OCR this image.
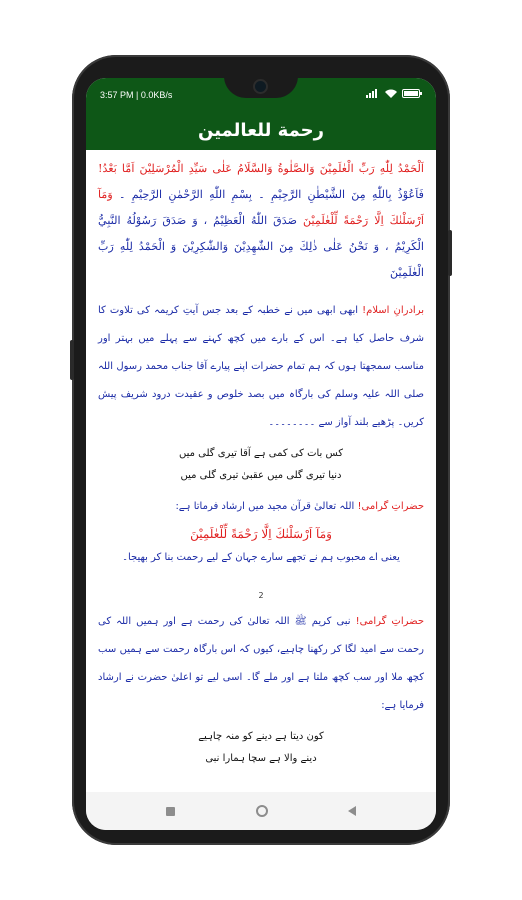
3:57 PM | 0.0KB/s
رحمة للعالمين

اَلْحَمْدُ لِلّٰهِ رَبِّ الْعٰلَمِيْنَ وَالصَّلٰوةُ وَالسَّلَامُ عَلٰى سَيِّدِ الْمُرْسَلِيْنَ اَمَّا بَعْدُ! فَاَعُوْذُ بِاللّٰهِ مِنَ الشَّيْطٰنِ الرَّجِيْمِ ۔ بِسْمِ اللّٰهِ الرَّحْمٰنِ الرَّحِيْمِ ۔ وَمَآ اَرْسَلْنٰكَ اِلَّا رَحْمَةً لِّلْعٰلَمِيْنَ صَدَقَ اللّٰهُ الْعَظِيْمُ ، وَ صَدَقَ رَسُوْلُهُ النَّبِيُّ الْكَرِيْمُ ، وَ نَحْنُ عَلٰى ذٰلِكَ مِنَ الشّٰهِدِيْنَ وَالشّٰكِرِيْنَ وَ الْحَمْدُ لِلّٰهِ رَبِّ الْعٰلَمِيْنَ

برادرانِ اسلام! ابھی ابھی میں نے خطبہ کے بعد جس آیتِ کریمہ کی تلاوت کا شرف حاصل کیا ہے۔ اس کے بارے میں کچھ کہنے سے پہلے میں بہتر اور مناسب سمجھتا ہوں کہ ہم تمام حضرات اپنے پیارے آقا جناب محمد رسول اللہ صلی اللہ علیہ وسلم کی بارگاہ میں بصد خلوص و عقیدت درود شریف پیش کریں۔ پڑھیے بلند آواز سے ۔۔۔۔۔۔۔۔

کس بات کی کمی ہے آقا تیری گلی میں
دنیا تیری گلی میں عقبیٰ تیری گلی میں

حضراتِ گرامی! اللہ تعالیٰ قرآن مجید میں ارشاد فرماتا ہے:

وَمَآ اَرْسَلْنٰكَ اِلَّا رَحْمَةً لِّلْعٰلَمِيْنَ
یعنی اے محبوب ہم نے تجھے سارے جہان کے لیے رحمت بنا کر بھیجا۔
2

حضراتِ گرامی! نبی کریم ﷺ اللہ تعالیٰ کی رحمت ہے اور ہمیں اللہ کی رحمت سے امید لگا کر رکھنا چاہیے، کیوں کہ اس بارگاہ رحمت سے ہمیں سب کچھ ملا اور سب کچھ ملتا ہے اور ملے گا۔ اسی لیے تو اعلیٰ حضرت نے ارشاد فرمایا ہے:

کون دیتا ہے دینے کو منہ چاہیے
دینے والا ہے سچا ہمارا نبی
